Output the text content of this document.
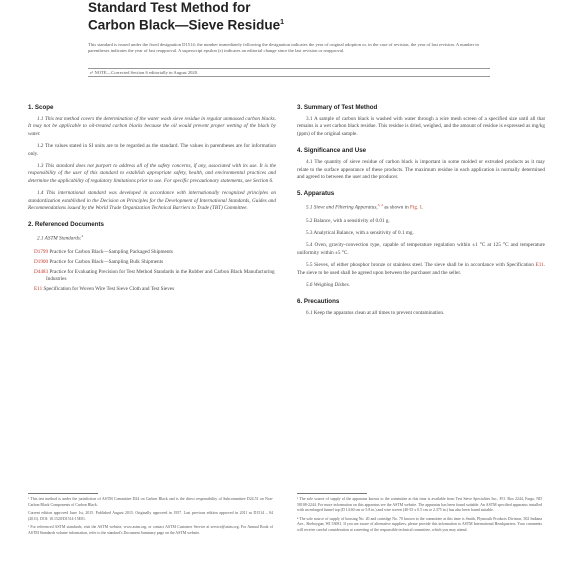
Standard Test Method for
Carbon Black—Sieve Residue$^1$
This standard is issued under the fixed designation D1514; the number immediately following the designation indicates the year of original adoption or, in the case of revision, the year of last revision. A number in parentheses indicates the year of last reapproval. A superscript epsilon (ε) indicates an editorial change since the last revision or reapproval.
ε¹ NOTE—Corrected Section 6 editorially in August 2020.
1. Scope

1.1 This test method covers the determination of the water wash sieve residue in regular unmassed carbon blacks. It may not be applicable to oil-treated carbon blacks because the oil would prevent proper wetting of the black by water.

1.2 The values stated in SI units are to be regarded as the standard. The values in parentheses are for information only.

1.3 This standard does not purport to address all of the safety concerns, if any, associated with its use. It is the responsibility of the user of this standard to establish appropriate safety, health, and environmental practices and determine the applicability of regulatory limitations prior to use. For specific precautionary statements, see Section 6.

1.4 This international standard was developed in accordance with internationally recognized principles on standardization established in the Decision on Principles for the Development of International Standards, Guides and Recommendations issued by the World Trade Organization Technical Barriers to Trade (TBT) Committee.

2. Referenced Documents

2.1 ASTM Standards:$^2$

D1799 Practice for Carbon Black—Sampling Packaged Shipments

D1900 Practice for Carbon Black—Sampling Bulk Shipments

D4483 Practice for Evaluating Precision for Test Method Standards in the Rubber and Carbon Black Manufacturing Industries

E11 Specification for Woven Wire Test Sieve Cloth and Test Sieves

3. Summary of Test Method

3.1 A sample of carbon black is washed with water through a wire mesh screen of a specified size until all that remains is a wet carbon black residue. This residue is dried, weighed, and the amount of residue is expressed as mg/kg (ppm) of the original sample.

4. Significance and Use

4.1 The quantity of sieve residue of carbon black is important in some molded or extruded products as it may relate to the surface appearance of these products. The maximum residue in each application is normally determined and agreed to between the user and the producer.

5. Apparatus

5.1 Sieve and Filtering Apparatus,$^{3, 4}$ as shown in Fig. 1.

5.2 Balance, with a sensitivity of 0.01 g.

5.3 Analytical Balance, with a sensitivity of 0.1 mg.

5.4 Oven, gravity-convection type, capable of temperature regulation within ±1 °C at 125 °C and temperature uniformity within ±5 °C.

5.5 Sieves, of either phosphor bronze or stainless steel. The sieve shall be in accordance with Specification E11. The sieve to be used shall be agreed upon between the purchaser and the seller.

5.6 Weighing Dishes.

6. Precautions

6.1 Keep the apparatus clean at all times to prevent contamination.

¹ This test method is under the jurisdiction of ASTM Committee D24 on Carbon Black and is the direct responsibility of Subcommittee D24.51 on Non-Carbon Black Components of Carbon Black.

Current edition approved June 1st, 2015. Published August 2015. Originally approved in 1957. Last previous edition approved in 2011 as D1514 – 04 (2011). DOI: 10.1520/D1514-15E01.

² For referenced ASTM standards, visit the ASTM website, www.astm.org, or contact ASTM Customer Service at service@astm.org. For Annual Book of ASTM Standards volume information, refer to the standard's Document Summary page on the ASTM website.

³ The sole source of supply of the apparatus known to the committee at this time is available from Test Sieve Specialties Inc., P.O. Box 2244, Fargo, ND 58108-2244. For more information on this apparatus see the ASTM website. The apparatus has been found suitable. An ASTM specified apparatus installed with an enlarged funnel top (D 14.60 cm or 5.8 in.) and wire screen (40-55 x 0.5 cm or 2.375 in.) has also been found suitable.

⁴ The sole source of supply of housing No. 20 and cartridge No. 70 known to the committee at this time is Smith, Plymouth Products Division, 502 Indiana Ave., Sheboygan, WI 53081. If you are aware of alternative suppliers, please provide this information to ASTM International Headquarters. Your comments will receive careful consideration at a meeting of the responsible technical committee, which you may attend.
